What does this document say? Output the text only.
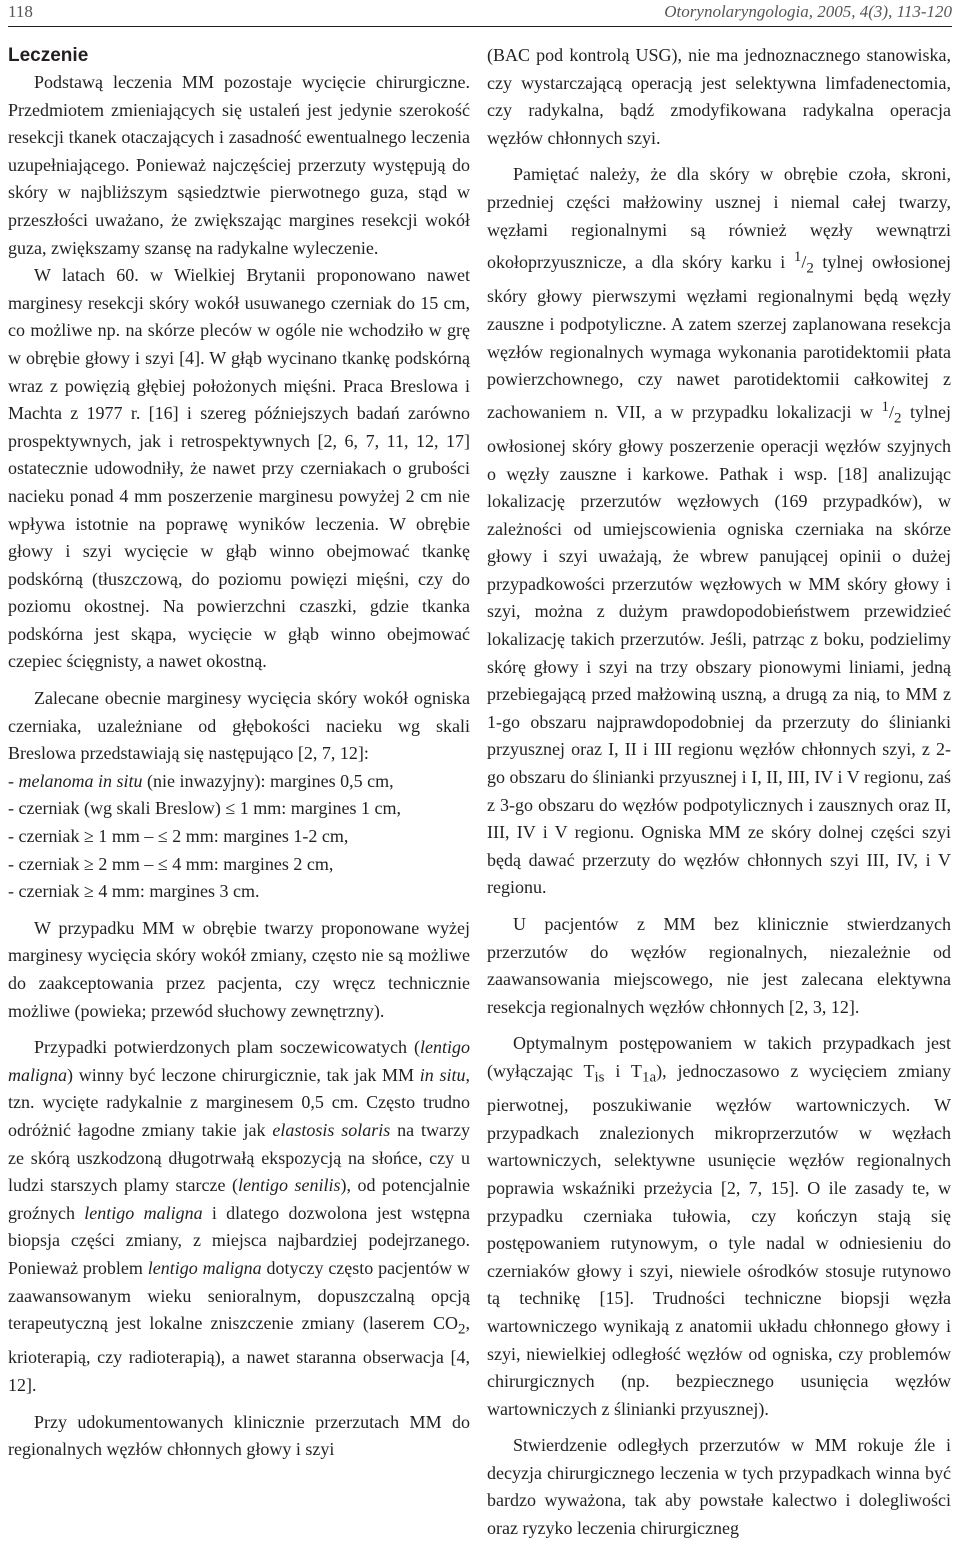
118	Otorynolaryngologia, 2005, 4(3), 113-120
Leczenie

Podstawą leczenia MM pozostaje wycięcie chirurgiczne. Przedmiotem zmieniających się ustaleń jest jedynie szerokość resekcji tkanek otaczających i zasadność ewentualnego leczenia uzupełniającego. Ponieważ najczęściej przerzuty występują do skóry w najbliższym sąsiedztwie pierwotnego guza, stąd w przeszłości uważano, że zwiększając margines resekcji wokół guza, zwiększamy szansę na radykalne wyleczenie.

W latach 60. w Wielkiej Brytanii proponowano nawet marginesy resekcji skóry wokół usuwanego czerniak do 15 cm, co możliwe np. na skórze pleców w ogóle nie wchodziło w grę w obrębie głowy i szyi [4]. W głąb wycinano tkankę podskórną wraz z powięzią głębiej położonych mięśni. Praca Breslowa i Machta z 1977 r. [16] i szereg późniejszych badań zarówno prospektywnych, jak i retrospektywnych [2, 6, 7, 11, 12, 17] ostatecznie udowodniły, że nawet przy czerniakach o grubości nacieku ponad 4 mm poszerzenie marginesu powyżej 2 cm nie wpływa istotnie na poprawę wyników leczenia. W obrębie głowy i szyi wycięcie w głąb winno obejmować tkankę podskórną (tłuszczową, do poziomu powięzi mięśni, czy do poziomu okostnej. Na powierzchni czaszki, gdzie tkanka podskórna jest skąpa, wycięcie w głąb winno obejmować czepiec ścięgnisty, a nawet okostną.

Zalecane obecnie marginesy wycięcia skóry wokół ogniska czerniaka, uzależniane od głębokości nacieku wg skali Breslowa przedstawiają się następująco [2, 7, 12]:

- melanoma in situ (nie inwazyjny): margines 0,5 cm,

- czerniak (wg skali Breslow) ≤ 1 mm: margines 1 cm,

- czerniak ≥ 1 mm – ≤ 2 mm: margines 1-2 cm,

- czerniak ≥ 2 mm – ≤ 4 mm: margines 2 cm,

- czerniak ≥ 4 mm: margines 3 cm.

W przypadku MM w obrębie twarzy proponowane wyżej marginesy wycięcia skóry wokół zmiany, często nie są możliwe do zaakceptowania przez pacjenta, czy wręcz technicznie możliwe (powieka; przewód słuchowy zewnętrzny).

Przypadki potwierdzonych plam soczewicowatych (lentigo maligna) winny być leczone chirurgicznie, tak jak MM in situ, tzn. wycięte radykalnie z marginesem 0,5 cm. Często trudno odróżnić łagodne zmiany takie jak elastosis solaris na twarzy ze skórą uszkodzoną długotrwałą ekspozycją na słońce, czy u ludzi starszych plamy starcze (lentigo senilis), od potencjalnie groźnych lentigo maligna i dlatego dozwolona jest wstępna biopsja części zmiany, z miejsca najbardziej podejrzanego. Ponieważ problem lentigo maligna dotyczy często pacjentów w zaawansowanym wieku senioralnym, dopuszczalną opcją terapeutyczną jest lokalne zniszczenie zmiany (laserem $CO_2$, krioterapią, czy radioterapią), a nawet staranna obserwacja [4, 12].

Przy udokumentowanych klinicznie przerzutach MM do regionalnych węzłów chłonnych głowy i szyi

(BAC pod kontrolą USG), nie ma jednoznacznego stanowiska, czy wystarczającą operacją jest selektywna limfadenectomia, czy radykalna, bądź zmodyfikowana radykalna operacja węzłów chłonnych szyi.

Pamiętać należy, że dla skóry w obrębie czoła, skroni, przedniej części małżowiny usznej i niemal całej twarzy, węzłami regionalnymi są również węzły wewnątrzi okołoprzyusznicze, a dla skóry karku i $^1/_2$ tylnej owłosionej skóry głowy pierwszymi węzłami regionalnymi będą węzły zauszne i podpotyliczne. A zatem szerzej zaplanowana resekcja węzłów regionalnych wymaga wykonania parotidektomii płata powierzchownego, czy nawet parotidektomii całkowitej z zachowaniem n. VII, a w przypadku lokalizacji w $^1/_2$ tylnej owłosionej skóry głowy poszerzenie operacji węzłów szyjnych o węzły zauszne i karkowe. Pathak i wsp. [18] analizując lokalizację przerzutów węzłowych (169 przypadków), w zależności od umiejscowienia ogniska czerniaka na skórze głowy i szyi uważają, że wbrew panującej opinii o dużej przypadkowości przerzutów węzłowych w MM skóry głowy i szyi, można z dużym prawdopodobieństwem przewidzieć lokalizację takich przerzutów. Jeśli, patrząc z boku, podzielimy skórę głowy i szyi na trzy obszary pionowymi liniami, jedną przebiegającą przed małżowiną uszną, a drugą za nią, to MM z 1-go obszaru najprawdopodobniej da przerzuty do ślinianki przyusznej oraz I, II i III regionu węzłów chłonnych szyi, z 2-go obszaru do ślinianki przyusznej i I, II, III, IV i V regionu, zaś z 3-go obszaru do węzłów podpotylicznych i zausznych oraz II, III, IV i V regionu. Ogniska MM ze skóry dolnej części szyi będą dawać przerzuty do węzłów chłonnych szyi III, IV, i V regionu.

U pacjentów z MM bez klinicznie stwierdzanych przerzutów do węzłów regionalnych, niezależnie od zaawansowania miejscowego, nie jest zalecana elektywna resekcja regionalnych węzłów chłonnych [2, 3, 12].

Optymalnym postępowaniem w takich przypadkach jest (wyłączając $T_{is}$ i $T_{1a}$), jednoczasowo z wycięciem zmiany pierwotnej, poszukiwanie węzłów wartowniczych. W przypadkach znalezionych mikroprzerzutów w węzłach wartowniczych, selektywne usunięcie węzłów regionalnych poprawia wskaźniki przeżycia [2, 7, 15]. O ile zasady te, w przypadku czerniaka tułowia, czy kończyn stają się postępowaniem rutynowym, o tyle nadal w odniesieniu do czerniaków głowy i szyi, niewiele ośrodków stosuje rutynowo tą technikę [15]. Trudności techniczne biopsji węzła wartowniczego wynikają z anatomii układu chłonnego głowy i szyi, niewielkiej odległość węzłów od ogniska, czy problemów chirurgicznych (np. bezpiecznego usunięcia węzłów wartowniczych z ślinianki przyusznej).

Stwierdzenie odległych przerzutów w MM rokuje źle i decyzja chirurgicznego leczenia w tych przypadkach winna być bardzo wyważona, tak aby powstałe kalectwo i dolegliwości oraz ryzyko leczenia chirurgiczneg
